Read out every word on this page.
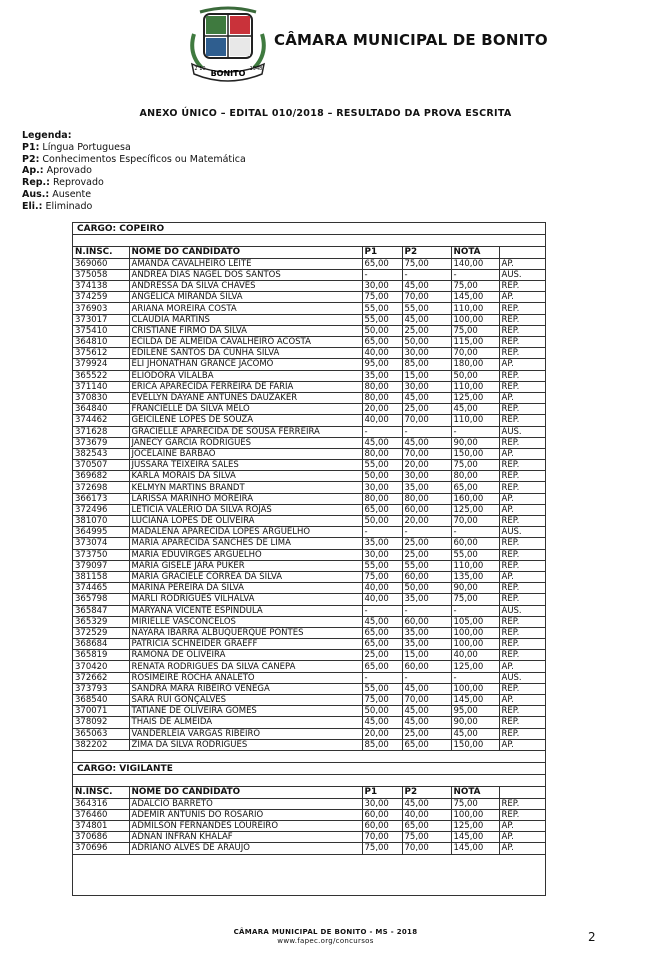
BONITO
2 10	1948
CÂMARA MUNICIPAL DE BONITO
ANEXO ÚNICO – EDITAL 010/2018 – RESULTADO DA PROVA ESCRITA
Legenda:
P1: Língua Portuguesa
P2: Conhecimentos Específicos ou Matemática
Ap.: Aprovado
Rep.: Reprovado
Aus.: Ausente
Eli.: Eliminado
CARGO: COPEIRO
N.INSC.	NOME DO CANDIDATO	P1	P2	NOTA	
369060	AMANDA CAVALHEIRO LEITE	65,00	75,00	140,00	AP.
375058	ANDREA DIAS NAGEL DOS SANTOS	-	-	-	AUS.
374138	ANDRESSA DA SILVA CHAVES	30,00	45,00	75,00	REP.
374259	ANGÉLICA MIRANDA SILVA	75,00	70,00	145,00	AP.
376903	ARIANA MOREIRA COSTA	55,00	55,00	110,00	REP.
373017	CLAUDIA MARTINS	55,00	45,00	100,00	REP.
375410	CRISTIANE FIRMO DA SILVA	50,00	25,00	75,00	REP.
364810	ECILDA DE ALMEIDA CAVALHEIRO ACOSTA	65,00	50,00	115,00	REP.
375612	EDILENE SANTOS DA CUNHA SILVA	40,00	30,00	70,00	REP.
379924	ELI JHONATHAN GRANCE JACOMO	95,00	85,00	180,00	AP.
365522	ELIODORA VILALBA	35,00	15,00	50,00	REP.
371140	ERICA APARECIDA FERREIRA DE FARIA	80,00	30,00	110,00	REP.
370830	EVELLYN DAYANE ANTUNES DAUZAKER	80,00	45,00	125,00	AP.
364840	FRANCIELLE DA SILVA MELO	20,00	25,00	45,00	REP.
374462	GEICILENE LOPES DE SOUZA	40,00	70,00	110,00	REP.
371628	GRACIELLE APARECIDA DE SOUSA FERREIRA	-	-	-	AUS.
373679	JANECY GARCIA RODRIGUES	45,00	45,00	90,00	REP.
382543	JOCELAINE BARBAO	80,00	70,00	150,00	AP.
370507	JUSSARA TEIXEIRA SALES	55,00	20,00	75,00	REP.
369682	KARLA MORAIS DA SILVA	50,00	30,00	80,00	REP.
372698	KELMYN MARTINS BRANDT	30,00	35,00	65,00	REP.
366173	LARISSA MARINHO MOREIRA	80,00	80,00	160,00	AP.
372496	LETICIA VALERIO DA SILVA ROJAS	65,00	60,00	125,00	AP.
381070	LUCIANA LOPES DE OLIVEIRA	50,00	20,00	70,00	REP.
364995	MADALENA APARECIDA LOPES ARGUELHO	-	-	-	AUS.
373074	MARIA APARECIDA SANCHES DE LIMA	35,00	25,00	60,00	REP.
373750	MARIA EDUVIRGES ARGUELHO	30,00	25,00	55,00	REP.
379097	MARIA GISELE JARA PUKER	55,00	55,00	110,00	REP.
381158	MARIA GRACIELE CORREA DA SILVA	75,00	60,00	135,00	AP.
374465	MARINA PEREIRA DA SILVA	40,00	50,00	90,00	REP.
365798	MARLI RODRIGUES VILHALVA	40,00	35,00	75,00	REP.
365847	MARYANA VICENTE ESPINDULA	-	-	-	AUS.
365329	MIRIELLE VASCONCELOS	45,00	60,00	105,00	REP.
372529	NAYARA IBARRA ALBUQUERQUE PONTES	65,00	35,00	100,00	REP.
368684	PATRÍCIA SCHNEIDER GRAEFF	65,00	35,00	100,00	REP.
365819	RAMONA DE OLIVEIRA	25,00	15,00	40,00	REP.
370420	RENATA RODRIGUES DA SILVA CANEPA	65,00	60,00	125,00	AP.
372662	ROSIMEIRE ROCHA ANALETO	-	-	-	AUS.
373793	SANDRA MARA RIBEIRO VENEGA	55,00	45,00	100,00	REP.
368540	SARA RUI GONÇALVES	75,00	70,00	145,00	AP.
370071	TATIANE DE OLIVEIRA GOMES	50,00	45,00	95,00	REP.
378092	THAÍS DE ALMEIDA	45,00	45,00	90,00	REP.
365063	VANDERLEIA VARGAS RIBEIRO	20,00	25,00	45,00	REP.
382202	ZIMA DA SILVA RODRIGUES	85,00	65,00	150,00	AP.
CARGO: VIGILANTE
N.INSC.	NOME DO CANDIDATO	P1	P2	NOTA	
364316	ADALCIO BARRETO	30,00	45,00	75,00	REP.
376460	ADEMIR ANTUNIS DO ROSARIO	60,00	40,00	100,00	REP.
374801	ADMILSON FERNANDES LOUREIRO	60,00	65,00	125,00	AP.
370686	ADNAN INFRAN KHALAF	70,00	75,00	145,00	AP.
370696	ADRIANO ALVES DE ARAUJO	75,00	70,00	145,00	AP.
CÂMARA MUNICIPAL DE BONITO - MS - 2018
www.fapec.org/concursos	2
